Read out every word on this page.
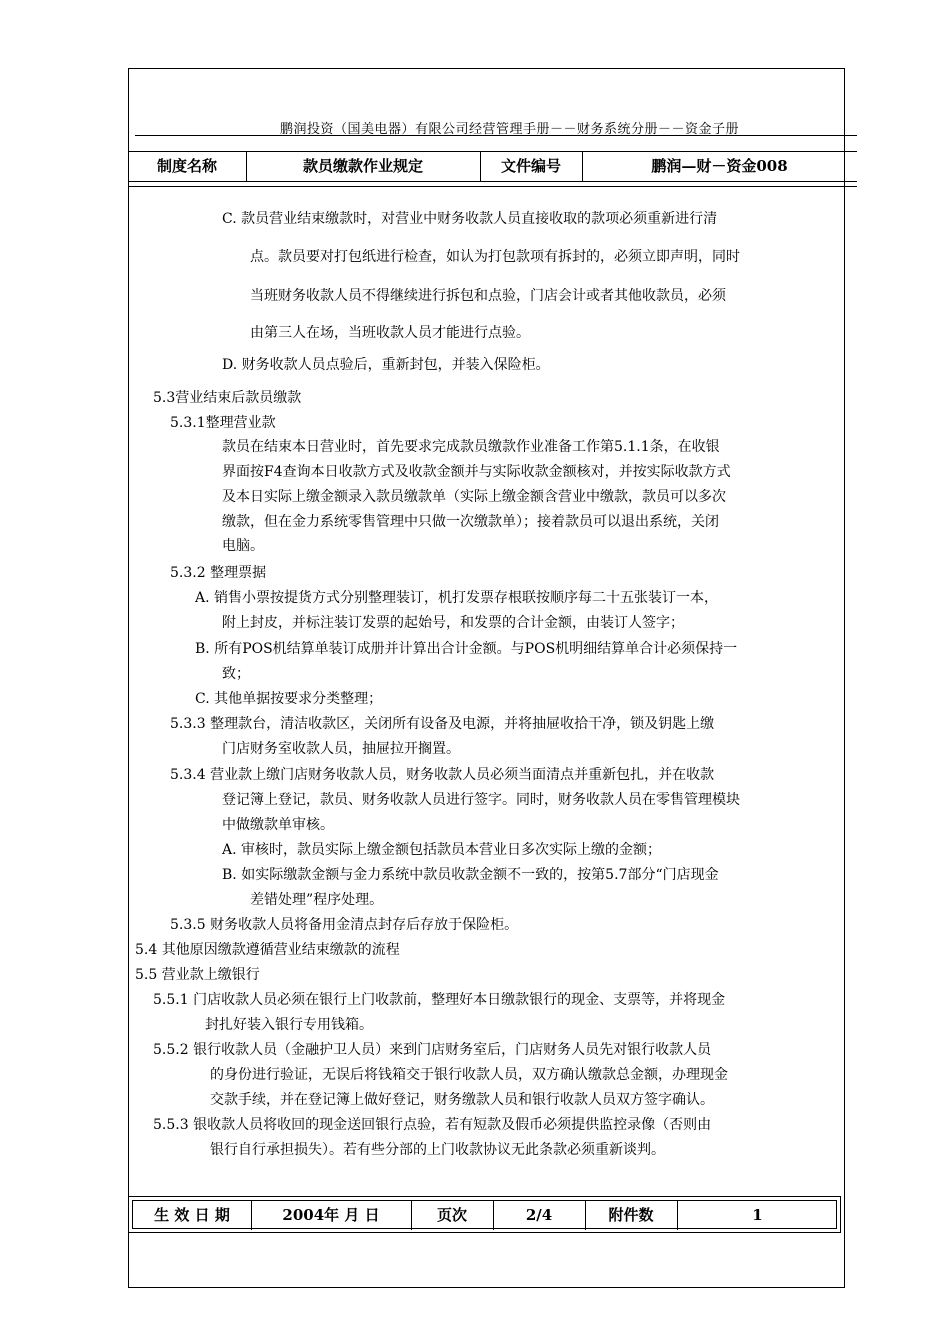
鹏润投资（国美电器）有限公司经营管理手册－－财务系统分册－－资金子册
制度名称	款员缴款作业规定	文件编号	鹏润—财－资金008
C. 款员营业结束缴款时，对营业中财务收款人员直接收取的款项必须重新进行清
点。款员要对打包纸进行检查，如认为打包款项有拆封的，必须立即声明，同时
当班财务收款人员不得继续进行拆包和点验，门店会计或者其他收款员，必须
由第三人在场，当班收款人员才能进行点验。
D. 财务收款人员点验后，重新封包，并装入保险柜。
5.3营业结束后款员缴款
5.3.1整理营业款
款员在结束本日营业时，首先要求完成款员缴款作业准备工作第5.1.1条，在收银
界面按F4查询本日收款方式及收款金额并与实际收款金额核对，并按实际收款方式
及本日实际上缴金额录入款员缴款单（实际上缴金额含营业中缴款，款员可以多次
缴款，但在金力系统零售管理中只做一次缴款单）；接着款员可以退出系统，关闭
电脑。
5.3.2 整理票据
A. 销售小票按提货方式分别整理装订，机打发票存根联按顺序每二十五张装订一本，
附上封皮，并标注装订发票的起始号，和发票的合计金额，由装订人签字；
B. 所有POS机结算单装订成册并计算出合计金额。与POS机明细结算单合计必须保持一
致；
C. 其他单据按要求分类整理；
5.3.3 整理款台，清洁收款区，关闭所有设备及电源，并将抽屉收拾干净，锁及钥匙上缴
门店财务室收款人员，抽屉拉开搁置。
5.3.4 营业款上缴门店财务收款人员，财务收款人员必须当面清点并重新包扎，并在收款
登记簿上登记，款员、财务收款人员进行签字。同时，财务收款人员在零售管理模块
中做缴款单审核。
A. 审核时，款员实际上缴金额包括款员本营业日多次实际上缴的金额；
B. 如实际缴款金额与金力系统中款员收款金额不一致的，按第5.7部分“门店现金
差错处理”程序处理。
5.3.5 财务收款人员将备用金清点封存后存放于保险柜。
5.4 其他原因缴款遵循营业结束缴款的流程
5.5 营业款上缴银行
5.5.1 门店收款人员必须在银行上门收款前，整理好本日缴款银行的现金、支票等，并将现金
封扎好装入银行专用钱箱。
5.5.2 银行收款人员（金融护卫人员）来到门店财务室后，门店财务人员先对银行收款人员
的身份进行验证，无误后将钱箱交于银行收款人员，双方确认缴款总金额，办理现金
交款手续，并在登记簿上做好登记，财务缴款人员和银行收款人员双方签字确认。
5.5.3 银收款人员将收回的现金送回银行点验，若有短款及假币必须提供监控录像（否则由
银行自行承担损失）。若有些分部的上门收款协议无此条款必须重新谈判。
生 效 日 期	2004年 月 日	页次	2/4	附件数	1
